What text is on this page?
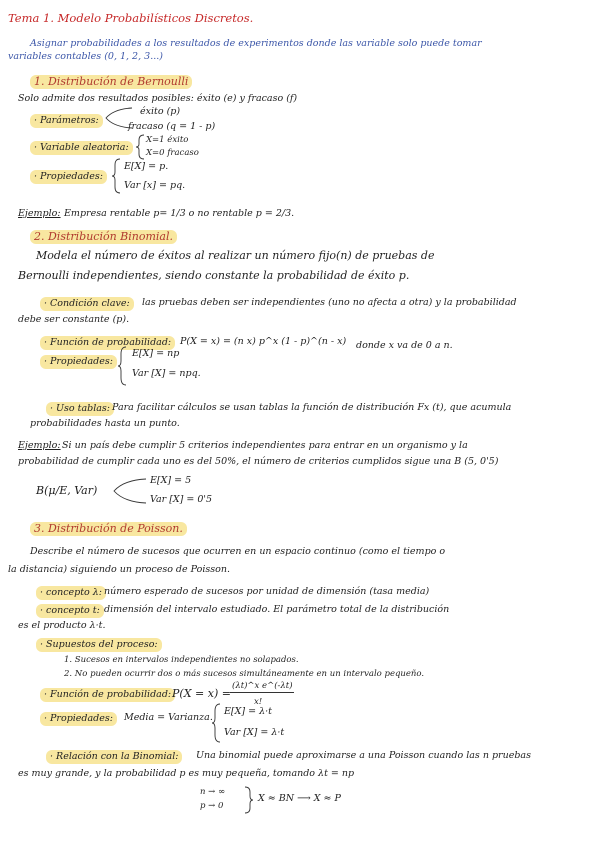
Tema 1. Modelo Probabilísticos Discretos.
Asignar probabilidades a los resultados de experimentos donde las variable solo puede tomar
variables contables (0, 1, 2, 3...)
1. Distribución de Bernoulli
Solo admite dos resultados posibles: éxito (e) y fracaso (f)
· Parámetros:
éxito (p)
fracaso (q = 1 - p)
· Variable aleatoria:
X=1 éxito
X=0 fracaso
· Propiedades:
E[X] = p.
Var [x] = pq.
Ejemplo: Empresa rentable p= 1/3 o no rentable p = 2/3.
2. Distribución Binomial.
Modela el número de éxitos al realizar un número fijo(n) de pruebas de
Bernoulli independientes, siendo constante la probabilidad de éxito p.
· Condición clave:	las pruebas deben ser independientes (uno no afecta a otra) y la probabilidad
debe ser constante (p).
· Función de probabilidad: P(X = x) = (n x) p^x (1 - p)^(n - x) donde x va de 0 a n.
· Propiedades:
E[X] = np
Var [X] = npq.
· Uso tablas: Para facilitar cálculos se usan tablas la función de distribución Fx (t), que acumula
probabilidades hasta un punto.
Ejemplo: Si un país debe cumplir 5 criterios independientes para entrar en un organismo y la
probabilidad de cumplir cada uno es del 50%, el número de criterios cumplidos sigue una B (5, 0'5)
B(μ/E, Var)
E[X] = 5
Var [X] = 0'5
3. Distribución de Poisson.
Describe el número de sucesos que ocurren en un espacio continuo (como el tiempo o
la distancia) siguiendo un proceso de Poisson.
· concepto λ: número esperado de sucesos por unidad de dimensión (tasa media)
· concepto t: dimensión del intervalo estudiado. El parámetro total de la distribución
es el producto λ·t.
· Supuestos del proceso:
1. Sucesos en intervalos independientes no solapados.
2. No pueden ocurrir dos o más sucesos simultáneamente en un intervalo pequeño.
· Función de probabilidad: P(X = x) =
(λt)^x e^(-λt)
x!
· Propiedades:	Media = Varianza.
E[X] = λ·t
Var [X] = λ·t
· Relación con la Binomial:	Una binomial puede aproximarse a una Poisson cuando las n pruebas
es muy grande, y la probabilidad p es muy pequeña, tomando λt = np
n → ∞
p → 0
X ≈ BN ⟶ X ≈ P
